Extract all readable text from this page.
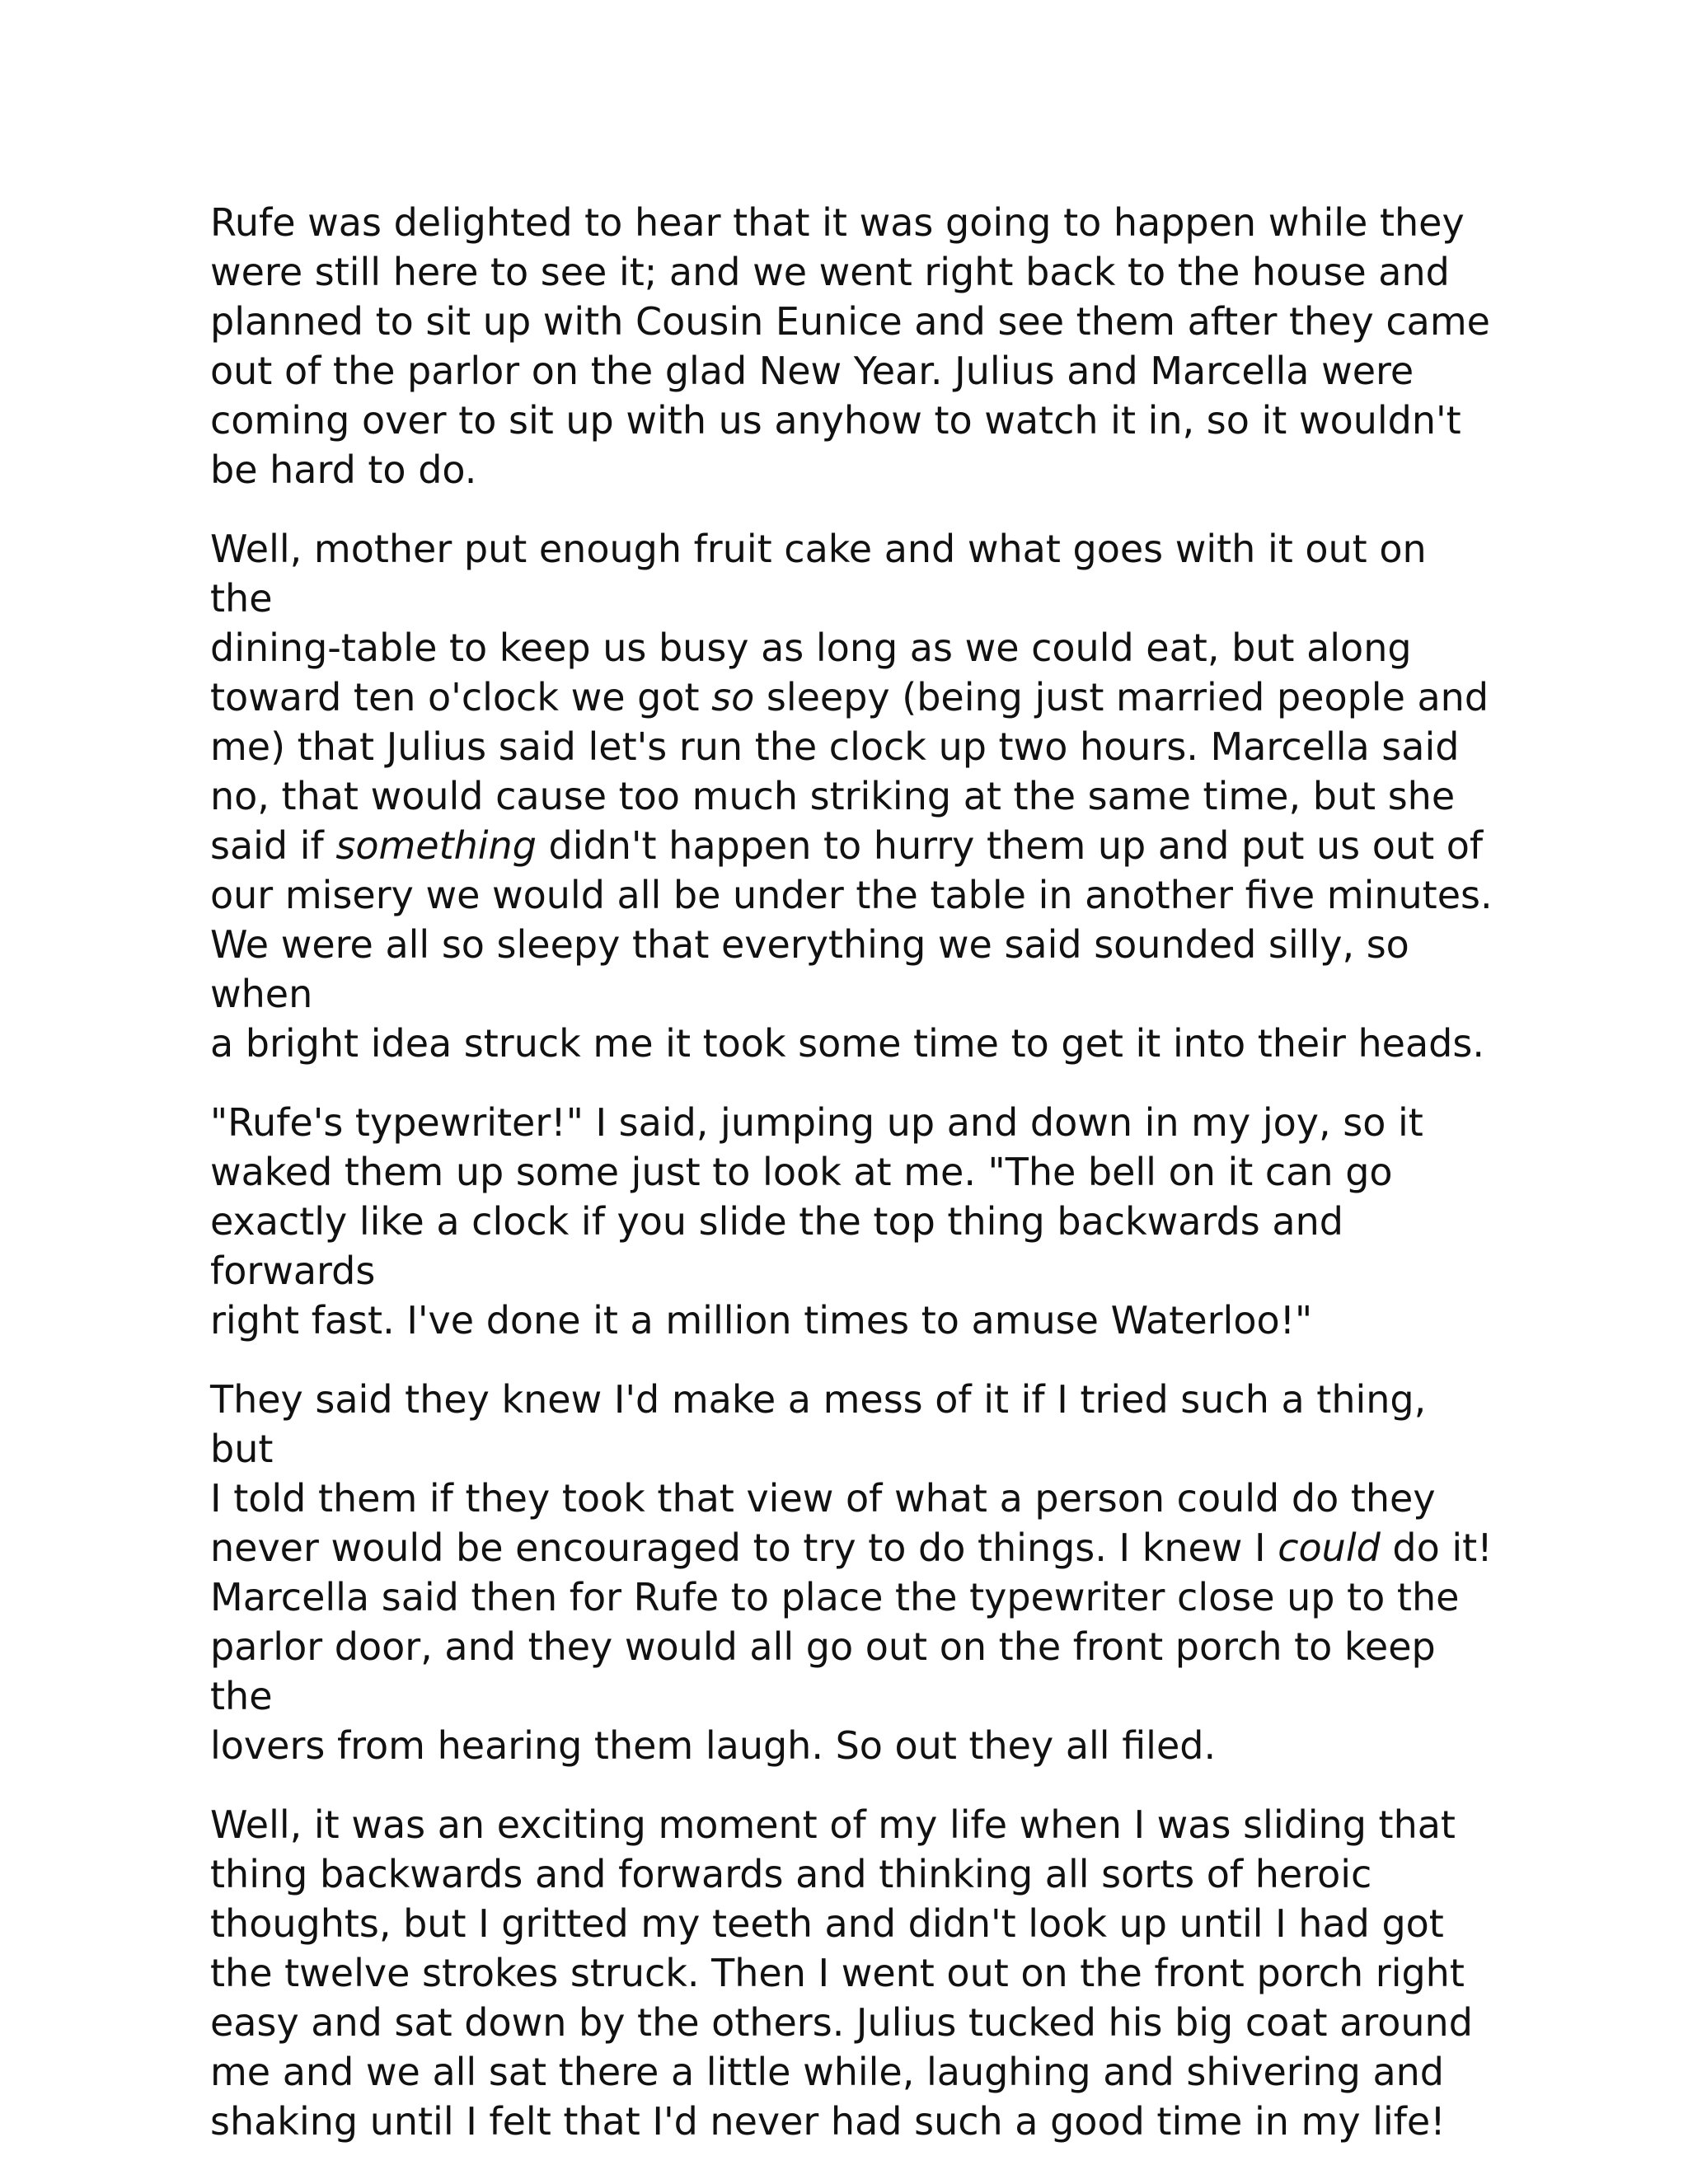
Rufe was delighted to hear that it was going to happen while they
were still here to see it; and we went right back to the house and
planned to sit up with Cousin Eunice and see them after they came
out of the parlor on the glad New Year. Julius and Marcella were
coming over to sit up with us anyhow to watch it in, so it wouldn't
be hard to do.

Well, mother put enough fruit cake and what goes with it out on the
dining-table to keep us busy as long as we could eat, but along
toward ten o'clock we got so sleepy (being just married people and
me) that Julius said let's run the clock up two hours. Marcella said
no, that would cause too much striking at the same time, but she
said if something didn't happen to hurry them up and put us out of
our misery we would all be under the table in another five minutes.
We were all so sleepy that everything we said sounded silly, so when
a bright idea struck me it took some time to get it into their heads.

"Rufe's typewriter!" I said, jumping up and down in my joy, so it
waked them up some just to look at me. "The bell on it can go
exactly like a clock if you slide the top thing backwards and forwards
right fast. I've done it a million times to amuse Waterloo!"

They said they knew I'd make a mess of it if I tried such a thing, but
I told them if they took that view of what a person could do they
never would be encouraged to try to do things. I knew I could do it!
Marcella said then for Rufe to place the typewriter close up to the
parlor door, and they would all go out on the front porch to keep the
lovers from hearing them laugh. So out they all filed.

Well, it was an exciting moment of my life when I was sliding that
thing backwards and forwards and thinking all sorts of heroic
thoughts, but I gritted my teeth and didn't look up until I had got
the twelve strokes struck. Then I went out on the front porch right
easy and sat down by the others. Julius tucked his big coat around
me and we all sat there a little while, laughing and shivering and
shaking until I felt that I'd never had such a good time in my life!
